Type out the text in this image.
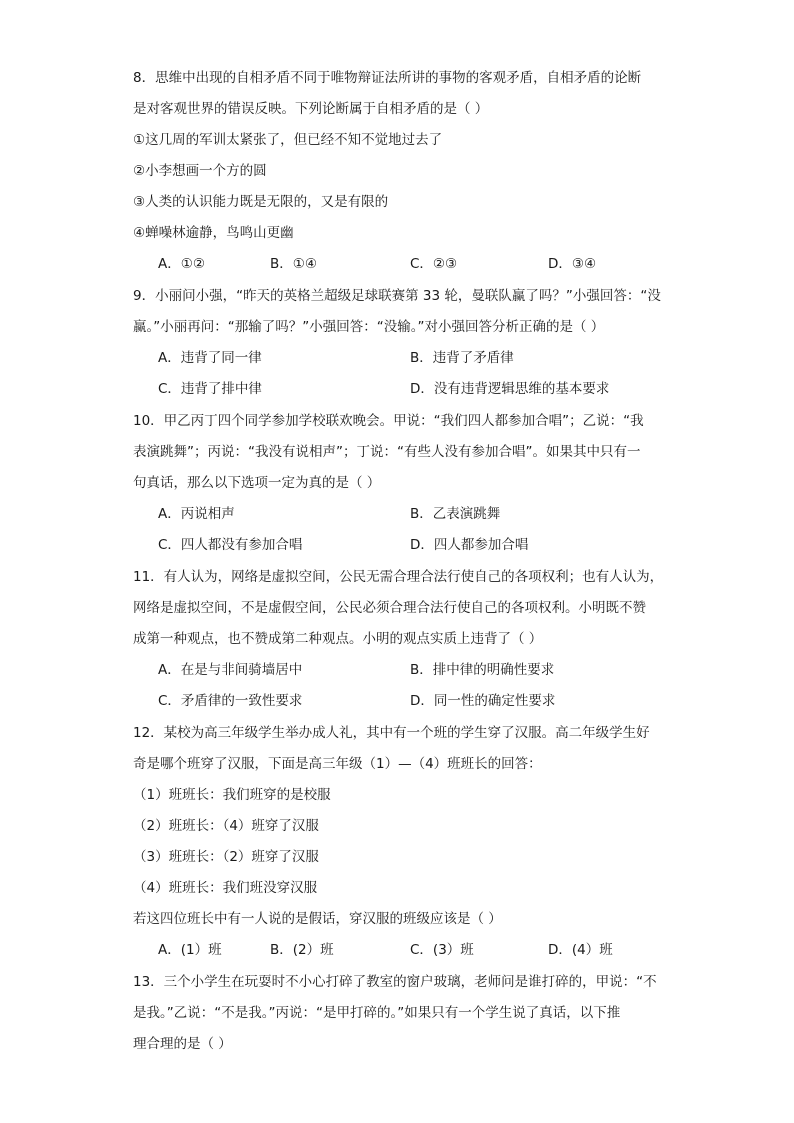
8．思维中出现的自相矛盾不同于唯物辩证法所讲的事物的客观矛盾，自相矛盾的论断
是对客观世界的错误反映。下列论断属于自相矛盾的是（ ）
①这几周的军训太紧张了，但已经不知不觉地过去了
②小李想画一个方的圆
③人类的认识能力既是无限的，又是有限的
④蝉噪林逾静，鸟鸣山更幽
A．①②	B．①④	C．②③	D．③④
9．小丽问小强，“昨天的英格兰超级足球联赛第 33 轮，曼联队赢了吗？”小强回答：“没
赢。”小丽再问：“那输了吗？”小强回答：“没输。”对小强回答分析正确的是（ ）
A．违背了同一律	B．违背了矛盾律
C．违背了排中律	D．没有违背逻辑思维的基本要求
10．甲乙丙丁四个同学参加学校联欢晚会。甲说：“我们四人都参加合唱”；乙说：“我
表演跳舞”；丙说：“我没有说相声”；丁说：“有些人没有参加合唱”。如果其中只有一
句真话，那么以下选项一定为真的是（ ）
A．丙说相声	B．乙表演跳舞
C．四人都没有参加合唱	D．四人都参加合唱
11．有人认为，网络是虚拟空间，公民无需合理合法行使自己的各项权利；也有人认为，
网络是虚拟空间，不是虚假空间，公民必须合理合法行使自己的各项权利。小明既不赞
成第一种观点，也不赞成第二种观点。小明的观点实质上违背了（ ）
A．在是与非间骑墙居中	B．排中律的明确性要求
C．矛盾律的一致性要求	D．同一性的确定性要求
12．某校为高三年级学生举办成人礼，其中有一个班的学生穿了汉服。高二年级学生好
奇是哪个班穿了汉服，下面是高三年级（1）—（4）班班长的回答：
（1）班班长：我们班穿的是校服
（2）班班长：（4）班穿了汉服
（3）班班长：（2）班穿了汉服
（4）班班长：我们班没穿汉服
若这四位班长中有一人说的是假话，穿汉服的班级应该是（ ）
A．(1）班	B．(2）班	C．(3）班	D．(4）班
13．三个小学生在玩耍时不小心打碎了教室的窗户玻璃，老师问是谁打碎的，甲说：“不
是我。”乙说：“不是我。”丙说：“是甲打碎的。”如果只有一个学生说了真话，以下推
理合理的是（ ）
